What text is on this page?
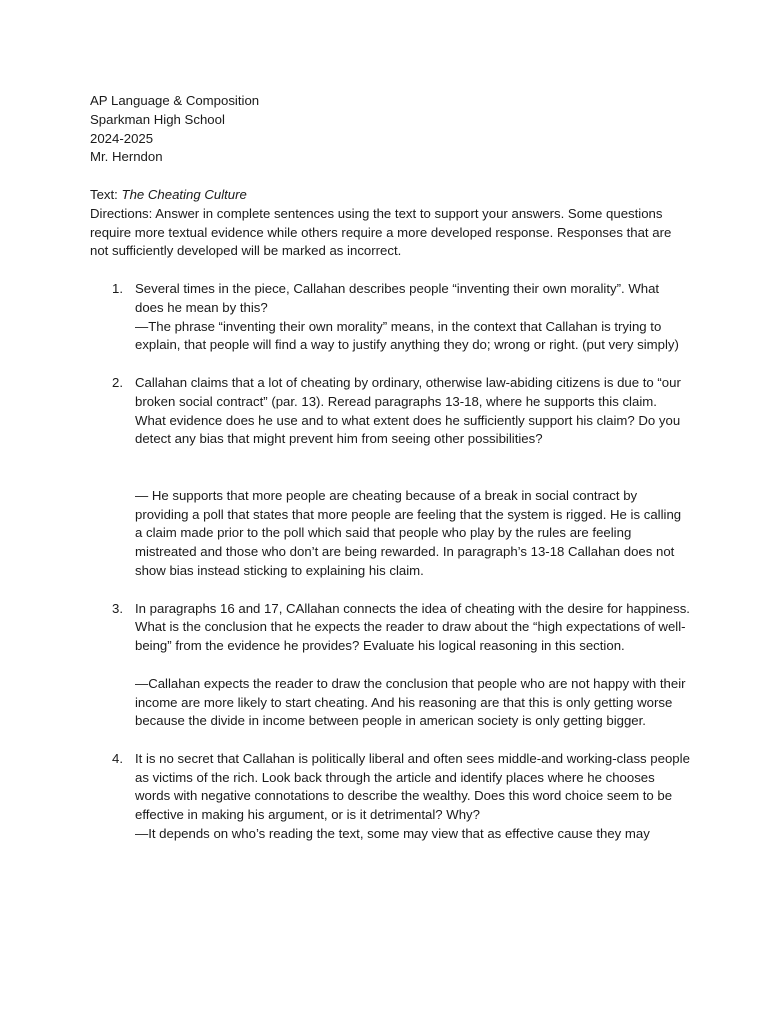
AP Language & Composition
Sparkman High School
2024-2025
Mr. Herndon
Text: The Cheating Culture
Directions: Answer in complete sentences using the text to support your answers. Some questions require more textual evidence while others require a more developed response. Responses that are not sufficiently developed will be marked as incorrect.
1. Several times in the piece, Callahan describes people “inventing their own morality”. What does he mean by this?
—The phrase “inventing their own morality” means, in the context that Callahan is trying to explain, that people will find a way to justify anything they do; wrong or right. (put very simply)
2. Callahan claims that a lot of cheating by ordinary, otherwise law-abiding citizens is due to “our broken social contract” (par. 13). Reread paragraphs 13-18, where he supports this claim. What evidence does he use and to what extent does he sufficiently support his claim? Do you detect any bias that might prevent him from seeing other possibilities?
— He supports that more people are cheating because of a break in social contract by providing a poll that states that more people are feeling that the system is rigged. He is calling a claim made prior to the poll which said that people who play by the rules are feeling mistreated and those who don’t are being rewarded. In paragraph’s 13-18 Callahan does not show bias instead sticking to explaining his claim.
3. In paragraphs 16 and 17, CAllahan connects the idea of cheating with the desire for happiness. What is the conclusion that he expects the reader to draw about the “high expectations of well-being” from the evidence he provides? Evaluate his logical reasoning in this section.
—Callahan expects the reader to draw the conclusion that people who are not happy with their income are more likely to start cheating. And his reasoning are that this is only getting worse because the divide in income between people in american society is only getting bigger.
4. It is no secret that Callahan is politically liberal and often sees middle-and working-class people as victims of the rich. Look back through the article and identify places where he chooses words with negative connotations to describe the wealthy. Does this word choice seem to be effective in making his argument, or is it detrimental? Why?
—It depends on who’s reading the text, some may view that as effective cause they may
